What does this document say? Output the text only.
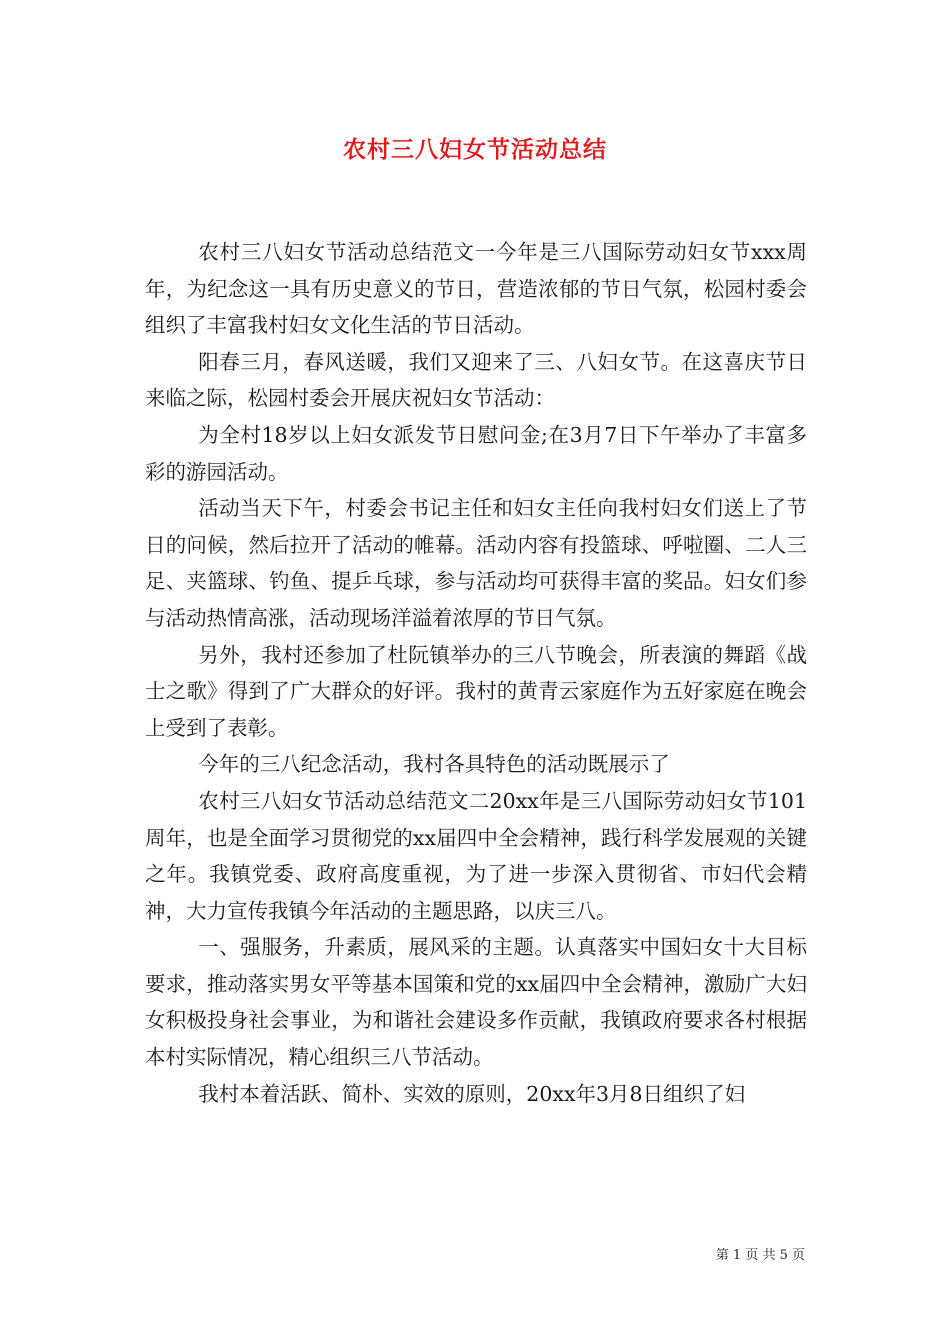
农村三八妇女节活动总结

农村三八妇女节活动总结范文一今年是三八国际劳动妇女节xxx周年，为纪念这一具有历史意义的节日，营造浓郁的节日气氛，松园村委会组织了丰富我村妇女文化生活的节日活动。

阳春三月，春风送暖，我们又迎来了三、八妇女节。在这喜庆节日来临之际，松园村委会开展庆祝妇女节活动：

为全村18岁以上妇女派发节日慰问金;在3月7日下午举办了丰富多彩的游园活动。

活动当天下午，村委会书记主任和妇女主任向我村妇女们送上了节日的问候，然后拉开了活动的帷幕。活动内容有投篮球、呼啦圈、二人三足、夹篮球、钓鱼、提乒乓球，参与活动均可获得丰富的奖品。妇女们参与活动热情高涨，活动现场洋溢着浓厚的节日气氛。

另外，我村还参加了杜阮镇举办的三八节晚会，所表演的舞蹈《战士之歌》得到了广大群众的好评。我村的黄青云家庭作为五好家庭在晚会上受到了表彰。

今年的三八纪念活动，我村各具特色的活动既展示了

农村三八妇女节活动总结范文二20xx年是三八国际劳动妇女节101周年，也是全面学习贯彻党的xx届四中全会精神，践行科学发展观的关键之年。我镇党委、政府高度重视，为了进一步深入贯彻省、市妇代会精神，大力宣传我镇今年活动的主题思路，以庆三八。

一、强服务，升素质，展风采的主题。认真落实中国妇女十大目标要求，推动落实男女平等基本国策和党的xx届四中全会精神，激励广大妇女积极投身社会事业，为和谐社会建设多作贡献，我镇政府要求各村根据本村实际情况，精心组织三八节活动。

我村本着活跃、简朴、实效的原则，20xx年3月8日组织了妇

第 1 页 共 5 页
